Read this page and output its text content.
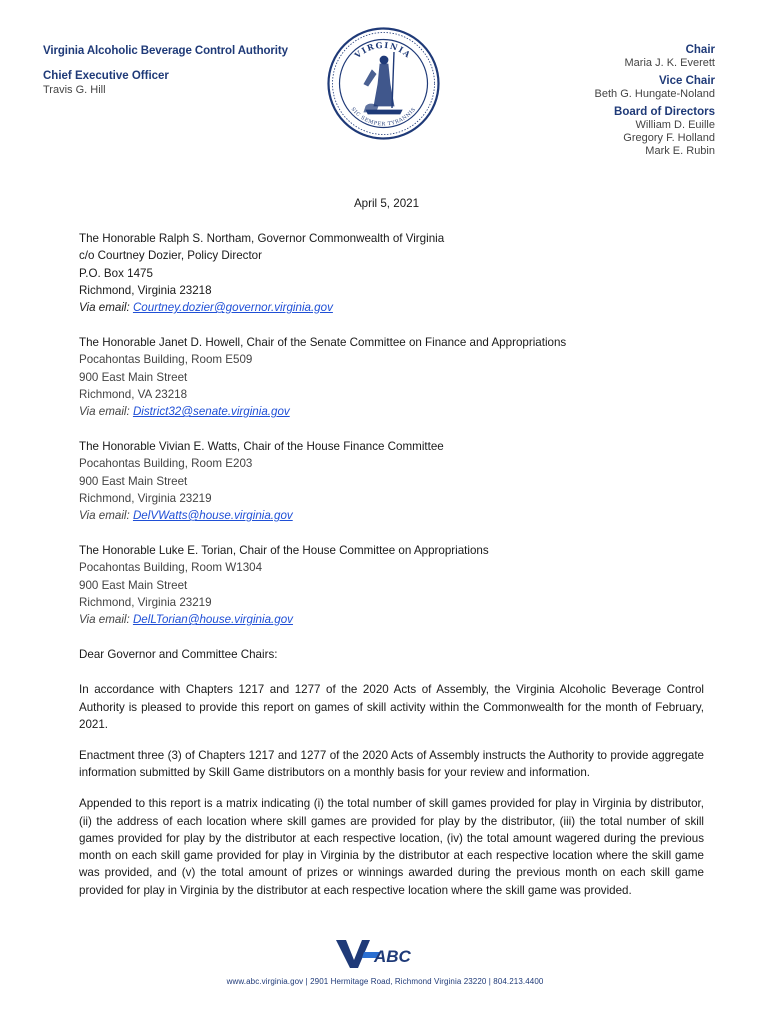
Virginia Alcoholic Beverage Control Authority
Chief Executive Officer
Travis G. Hill
VIRGINIA
SIC SEMPER TYRANNIS
Chair
Maria J. K. Everett
Vice Chair
Beth G. Hungate-Noland
Board of Directors
William D. Euille
Gregory F. Holland
Mark E. Rubin
April 5, 2021
The Honorable Ralph S. Northam, Governor Commonwealth of Virginia
c/o Courtney Dozier, Policy Director
P.O. Box 1475
Richmond, Virginia 23218
Via email: Courtney.dozier@governor.virginia.gov
The Honorable Janet D. Howell, Chair of the Senate Committee on Finance and Appropriations
Pocahontas Building, Room E509
900 East Main Street
Richmond, VA 23218
Via email: District32@senate.virginia.gov
The Honorable Vivian E. Watts, Chair of the House Finance Committee
Pocahontas Building, Room E203
900 East Main Street
Richmond, Virginia 23219
Via email: DelVWatts@house.virginia.gov
The Honorable Luke E. Torian, Chair of the House Committee on Appropriations
Pocahontas Building, Room W1304
900 East Main Street
Richmond, Virginia 23219
Via email: DelLTorian@house.virginia.gov
Dear Governor and Committee Chairs:

In accordance with Chapters 1217 and 1277 of the 2020 Acts of Assembly, the Virginia Alcoholic Beverage Control Authority is pleased to provide this report on games of skill activity within the Commonwealth for the month of February, 2021.

Enactment three (3) of Chapters 1217 and 1277 of the 2020 Acts of Assembly instructs the Authority to provide aggregate information submitted by Skill Game distributors on a monthly basis for your review and information.

Appended to this report is a matrix indicating (i) the total number of skill games provided for play in Virginia by distributor, (ii) the address of each location where skill games are provided for play by the distributor, (iii) the total number of skill games provided for play by the distributor at each respective location, (iv) the total amount wagered during the previous month on each skill game provided for play in Virginia by the distributor at each respective location where the skill game was provided, and (v) the total amount of prizes or winnings awarded during the previous month on each skill game provided for play in Virginia by the distributor at each respective location where the skill game was provided.

ABC
www.abc.virginia.gov | 2901 Hermitage Road, Richmond Virginia 23220 | 804.213.4400
